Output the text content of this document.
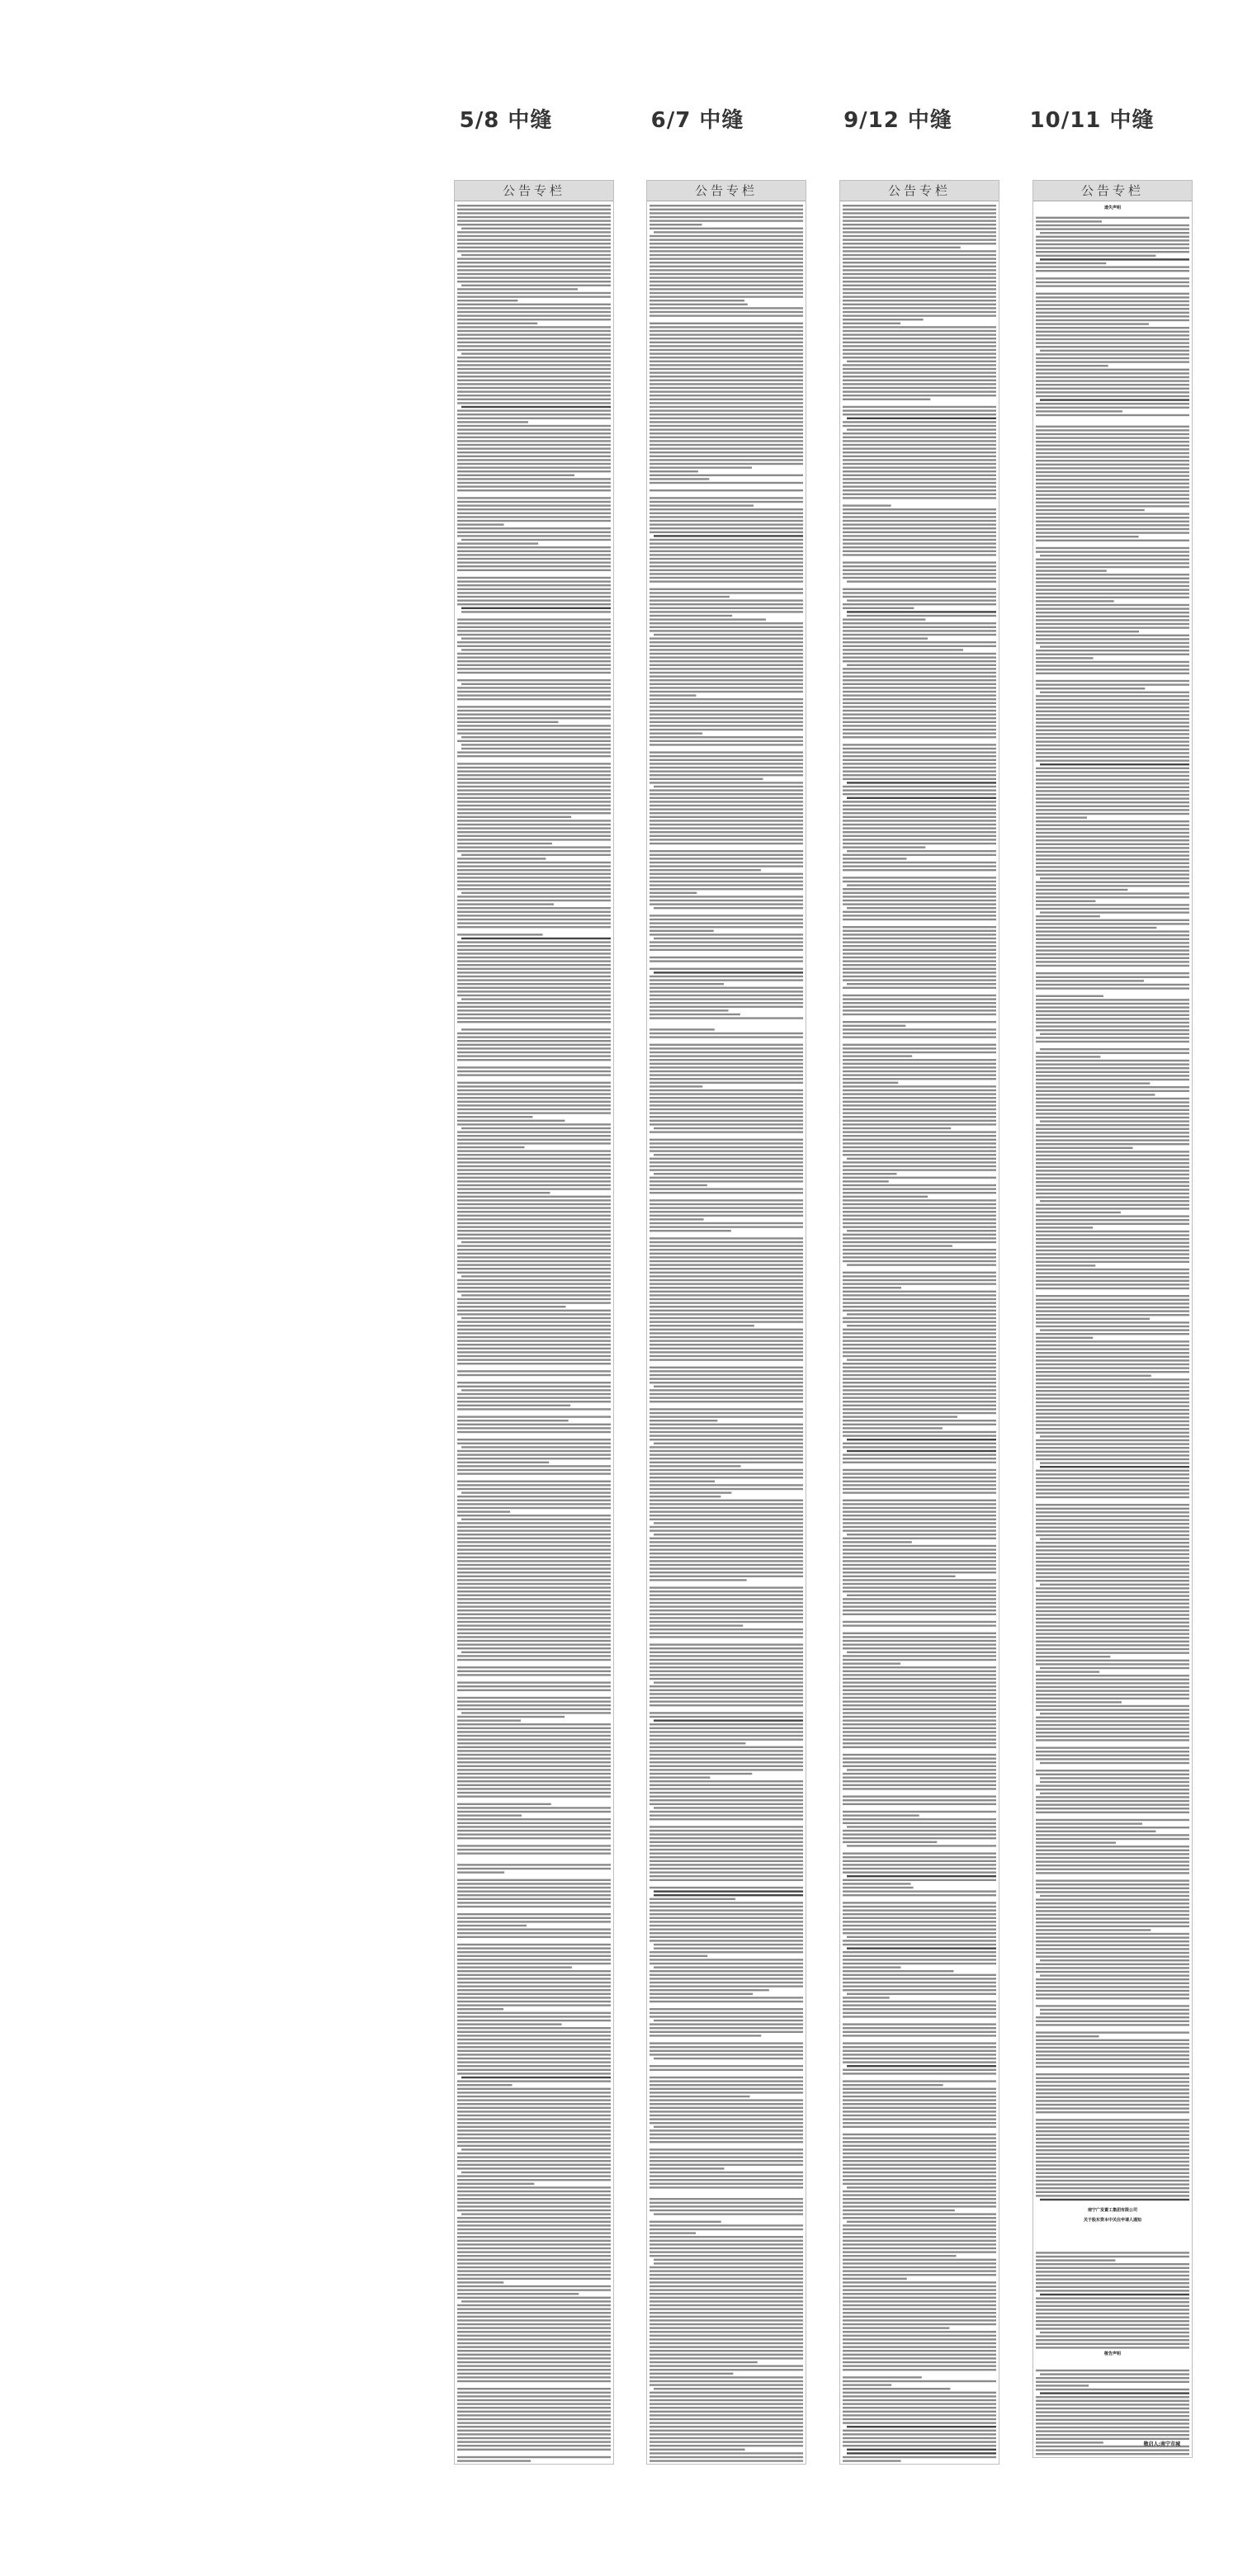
5/8 中缝	6/7 中缝	9/12 中缝	10/11 中缝
公告专栏	公告专栏	公告专栏	公告专栏
遗失声明
南宁广发置工集团有限公司
关于股东资本中关注申请人通知
敬告声明
敬启人:南宁市城
